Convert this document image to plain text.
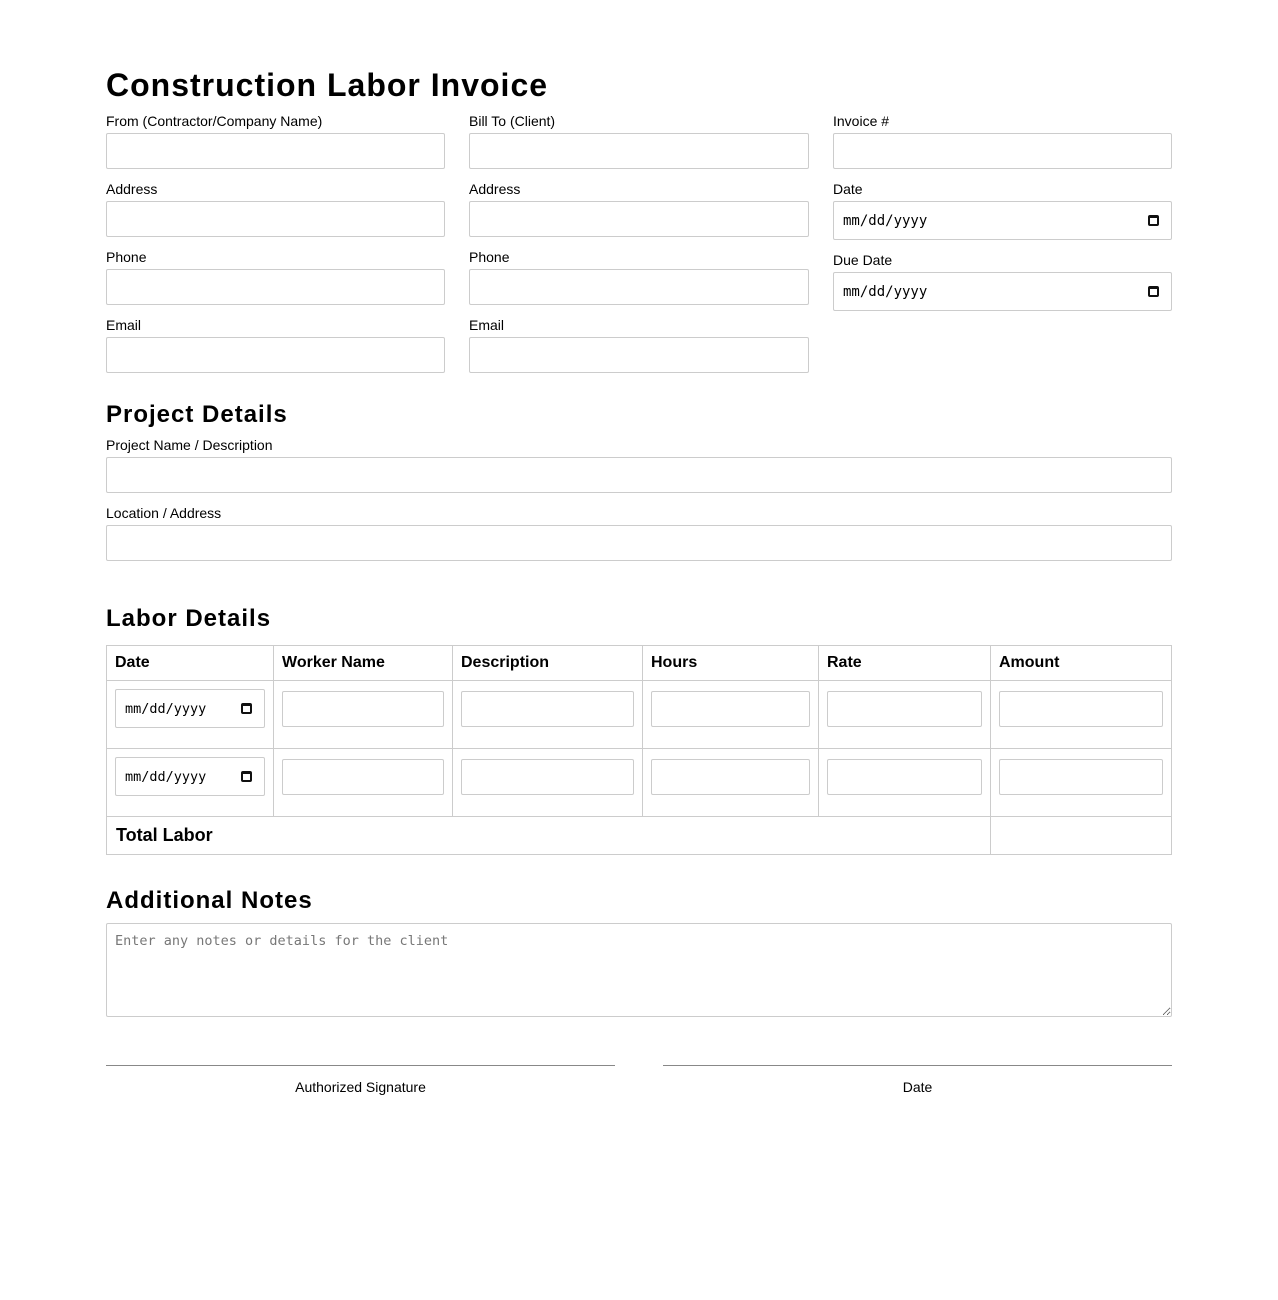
Construction Labor Invoice
From (Contractor/Company Name)
Address
Phone
Email
Bill To (Client)
Address
Phone
Email
Invoice #
Date
mm/dd/yyyy
Due Date
mm/dd/yyyy
Project Details
Project Name / Description
Location / Address
Labor Details
Date	Worker Name	Description	Hours	Rate	Amount
mm/dd/yyyy
mm/dd/yyyy
Total Labor
Additional Notes
Enter any notes or details for the client
Authorized Signature	Date
